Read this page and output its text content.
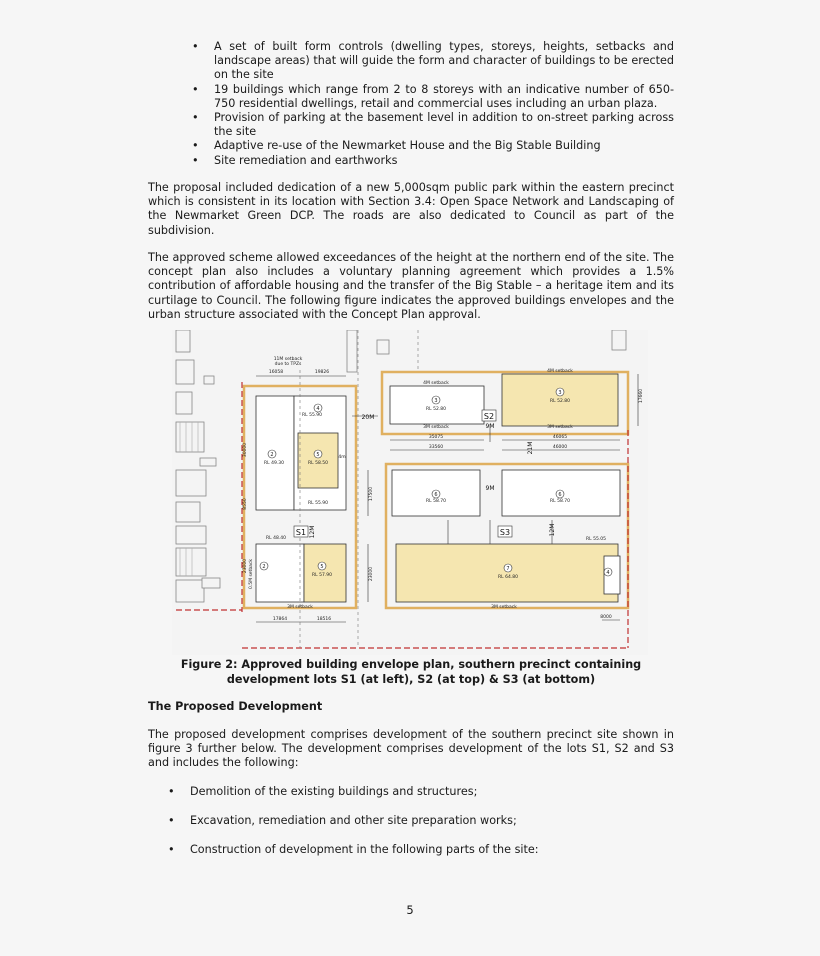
• A set of built form controls (dwelling types, storeys, heights, setbacks and landscape areas) that will guide the form and character of buildings to be erected on the site
• 19 buildings which range from 2 to 8 storeys with an indicative number of 650-750 residential dwellings, retail and commercial uses including an urban plaza.
• Provision of parking at the basement level in addition to on-street parking across the site
• Adaptive re-use of the Newmarket House and the Big Stable Building
• Site remediation and earthworks

The proposal included dedication of a new 5,000sqm public park within the eastern precinct which is consistent in its location with Section 3.4: Open Space Network and Landscaping of the Newmarket Green DCP. The roads are also dedicated to Council as part of the subdivision.

The approved scheme allowed exceedances of the height at the northern end of the site. The concept plan also includes a voluntary planning agreement which provides a 1.5% contribution of affordable housing and the transfer of the Big Stable – a heritage item and its curtilage to Council. The following figure indicates the approved buildings envelopes and the urban structure associated with the Concept Plan approval.

11M setback
due to TPZs
16058	19826
17864	18516
35075
33560
46065
46000
8000
17660
23000
30000
8550
17500
23000
4M setback
3M setback
4M setback
3M setback
3M setback	3M setback
0.5M setback
RL 55.90
RL 58.50
RL 49.30
RL 55.90
RL 48.40
RL 57.90
RL 52.80
RL 52.80
RL 58.70	RL 58.70
RL 64.80
RL 55.05
4m
4
5
2
5
2
3
3
6	6
7
4
S1
S2
S3
20M
9M
9M
12M	12M
21M
Figure 2: Approved building envelope plan, southern precinct containing
development lots S1 (at left), S2 (at top) & S3 (at bottom)
The Proposed Development

The proposed development comprises development of the southern precinct site shown in figure 3 further below. The development comprises development of the lots S1, S2 and S3 and includes the following:

• Demolition of the existing buildings and structures;
• Excavation, remediation and other site preparation works;
• Construction of development in the following parts of the site:
5
